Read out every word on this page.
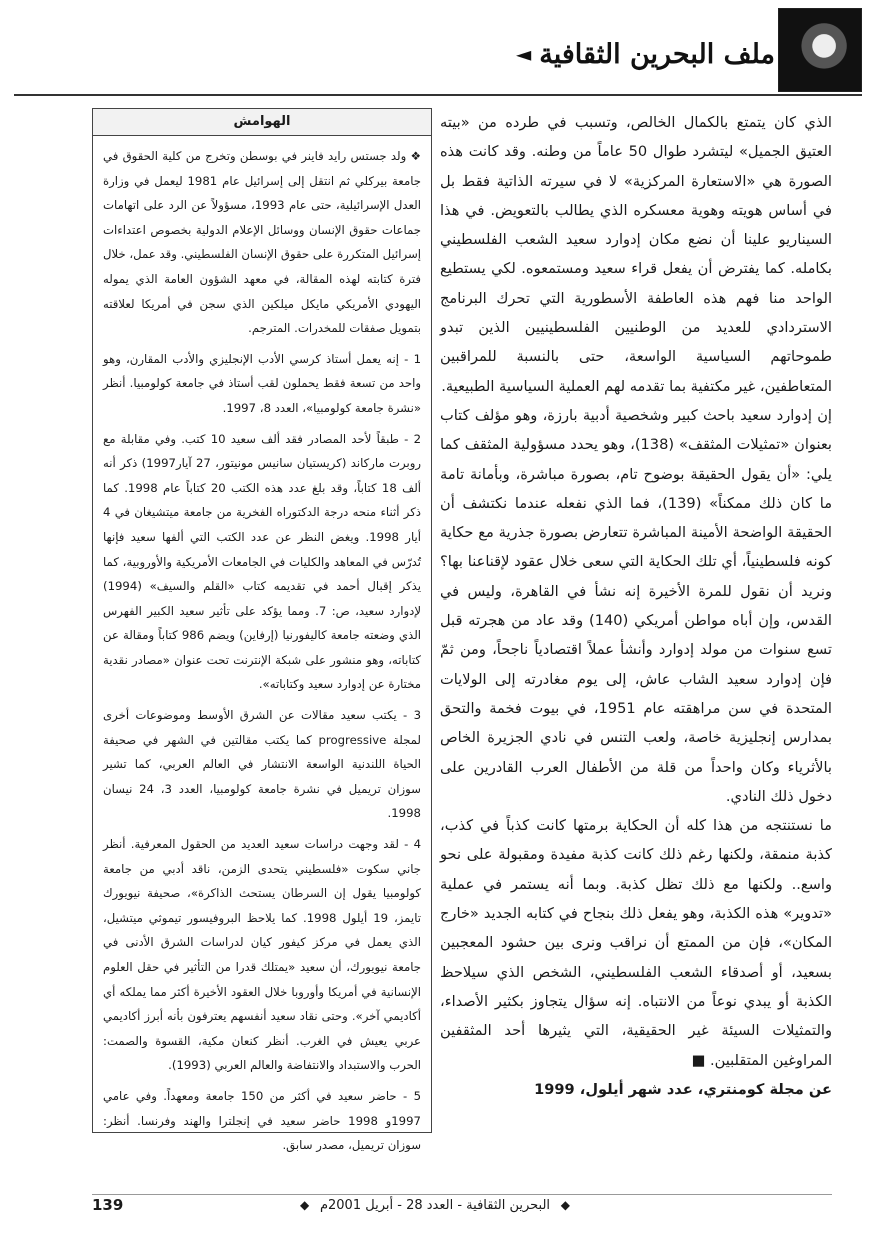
ملف البحرين الثقافية
◄

الذي كان يتمتع بالكمال الخالص، وتسبب في طرده من «بيته العتيق الجميل» ليتشرد طوال 50 عاماً من وطنه. وقد كانت هذه الصورة هي «الاستعارة المركزية» لا في سيرته الذاتية فقط بل في أساس هويته وهوية معسكره الذي يطالب بالتعويض. في هذا السيناريو علينا أن نضع مكان إدوارد سعيد الشعب الفلسطيني بكامله. كما يفترض أن يفعل قراء سعيد ومستمعوه. لكي يستطيع الواحد منا فهم هذه العاطفة الأسطورية التي تحرك البرنامج الاستردادي للعديد من الوطنيين الفلسطينيين الذين تبدو طموحاتهم السياسية الواسعة، حتى بالنسبة للمراقبين المتعاطفين، غير مكتفية بما تقدمه لهم العملية السياسية الطبيعية.

إن إدوارد سعيد باحث كبير وشخصية أدبية بارزة، وهو مؤلف كتاب بعنوان «تمثيلات المثقف» (138)، وهو يحدد مسؤولية المثقف كما يلي: «أن يقول الحقيقة بوضوح تام، بصورة مباشرة، وبأمانة تامة ما كان ذلك ممكناً» (139)، فما الذي نفعله عندما نكتشف أن الحقيقة الواضحة الأمينة المباشرة تتعارض بصورة جذرية مع حكاية كونه فلسطينياً، أي تلك الحكاية التي سعى خلال عقود لإقناعنا بها؟ ونريد أن نقول للمرة الأخيرة إنه نشأ في القاهرة، وليس في القدس، وإن أباه مواطن أمريكي (140) وقد عاد من هجرته قبل تسع سنوات من مولد إدوارد وأنشأ عملاً اقتصادياً ناجحاً، ومن ثمّ فإن إدوارد سعيد الشاب عاش، إلى يوم مغادرته إلى الولايات المتحدة في سن مراهقته عام 1951، في بيوت فخمة والتحق بمدارس إنجليزية خاصة، ولعب التنس في نادي الجزيرة الخاص بالأثرياء وكان واحداً من قلة من الأطفال العرب القادرين على دخول ذلك النادي.

ما نستنتجه من هذا كله أن الحكاية برمتها كانت كذباً في كذب، كذبة منمقة، ولكنها رغم ذلك كانت كذبة مفيدة ومقبولة على نحو واسع.. ولكنها مع ذلك تظل كذبة. وبما أنه يستمر في عملية «تدوير» هذه الكذبة، وهو يفعل ذلك بنجاح في كتابه الجديد «خارج المكان»، فإن من الممتع أن نراقب ونرى بين حشود المعجبين بسعيد، أو أصدقاء الشعب الفلسطيني، الشخص الذي سيلاحظ الكذبة أو يبدي نوعاً من الانتباه. إنه سؤال يتجاوز بكثير الأصداء، والتمثيلات السيئة غير الحقيقية، التي يثيرها أحد المثقفين المراوغين المتقلبين. ■

عن مجلة كومنتري، عدد شهر أيلول، 1999

الهوامش

❖ ولد جستس رايد فاينر في بوسطن وتخرج من كلية الحقوق في جامعة بيركلي ثم انتقل إلى إسرائيل عام 1981 ليعمل في وزارة العدل الإسرائيلية، حتى عام 1993، مسؤولاً عن الرد على اتهامات جماعات حقوق الإنسان ووسائل الإعلام الدولية بخصوص اعتداءات إسرائيل المتكررة على حقوق الإنسان الفلسطيني. وقد عمل، خلال فترة كتابته لهذه المقالة، في معهد الشؤون العامة الذي يموله اليهودي الأمريكي مايكل ميلكين الذي سجن في أمريكا لعلاقته بتمويل صفقات للمخدرات. المترجم.

1 - إنه يعمل أستاذ كرسي الأدب الإنجليزي والأدب المقارن، وهو واحد من تسعة فقط يحملون لقب أستاذ في جامعة كولومبيا. أنظر «نشرة جامعة كولومبيا»، العدد 8، 1997.

2 - طبقاً لأحد المصادر فقد ألف سعيد 10 كتب. وفي مقابلة مع روبرت ماركاند (كريستيان سانيس مونيتور، 27 آيار1997) ذكر أنه ألف 18 كتاباً، وقد بلغ عدد هذه الكتب 20 كتاباً عام 1998. كما ذكر أثناء منحه درجة الدكتوراه الفخرية من جامعة ميتشيغان في 4 أيار 1998. ويغض النظر عن عدد الكتب التي ألفها سعيد فإنها تُدرّس في المعاهد والكليات في الجامعات الأمريكية والأوروبية، كما يذكر إقبال أحمد في تقديمه كتاب «القلم والسيف» (1994) لإدوارد سعيد، ص: 7. ومما يؤكد على تأثير سعيد الكبير الفهرس الذي وضعته جامعة كاليفورنيا (إرفاين) ويضم 986 كتاباً ومقالة عن كتاباته، وهو منشور على شبكة الإنترنت تحت عنوان «مصادر نقدية مختارة عن إدوارد سعيد وكتاباته».

3 - يكتب سعيد مقالات عن الشرق الأوسط وموضوعات أخرى لمجلة progressive كما يكتب مقالتين في الشهر في صحيفة الحياة اللندنية الواسعة الانتشار في العالم العربي، كما تشير سوزان تريميل في نشرة جامعة كولومبيا، العدد 3، 24 نيسان 1998.

4 - لقد وجهت دراسات سعيد العديد من الحقول المعرفية. أنظر جاني سكوت «فلسطيني يتحدى الزمن، ناقد أدبي من جامعة كولومبيا يقول إن السرطان يستحث الذاكرة»، صحيفة نيويورك تايمز، 19 أيلول 1998. كما يلاحظ البروفيسور تيموثي ميتشيل، الذي يعمل في مركز كيفور كيان لدراسات الشرق الأدنى في جامعة نيويورك، أن سعيد «يمتلك قدرا من التأثير في حقل العلوم الإنسانية في أمريكا وأوروبا خلال العقود الأخيرة أكثر مما يملكه أي أكاديمي آخر». وحتى نقاد سعيد أنفسهم يعترفون بأنه أبرز أكاديمي عربي يعيش في الغرب. أنظر كنعان مكية، القسوة والصمت: الحرب والاستبداد والانتفاضة والعالم العربي (1993).

5 - حاضر سعيد في أكثر من 150 جامعة ومعهداً. وفي عامي 1997و 1998 حاضر سعيد في إنجلترا والهند وفرنسا. أنظر: سوزان تريميل، مصدر سابق.

139	◆
البحرين الثقافية - العدد 28 - أبريل 2001م
◆
